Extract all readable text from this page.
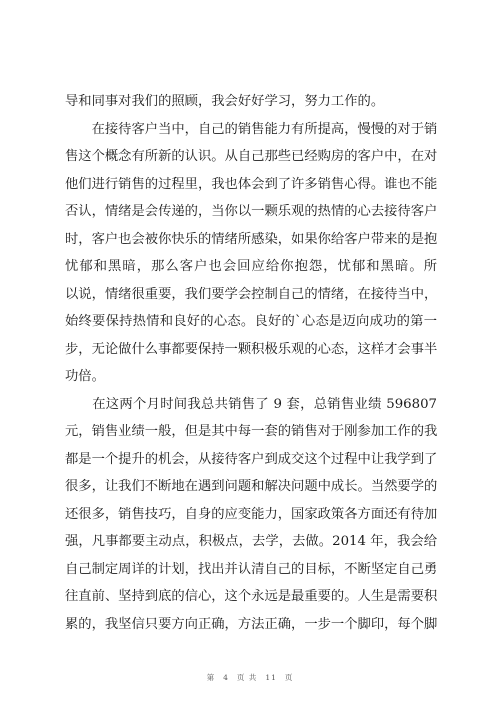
导和同事对我们的照顾，我会好好学习，努力工作的。
　　在接待客户当中，自己的销售能力有所提高，慢慢的对于销
售这个概念有所新的认识。从自己那些已经购房的客户中，在对
他们进行销售的过程里，我也体会到了许多销售心得。谁也不能
否认，情绪是会传递的，当你以一颗乐观的热情的心去接待客户
时，客户也会被你快乐的情绪所感染，如果你给客户带来的是抱
忧郁和黑暗，那么客户也会回应给你抱怨，忧郁和黑暗。所
以说，情绪很重要，我们要学会控制自己的情绪，在接待当中，
始终要保持热情和良好的心态。良好的`心态是迈向成功的第一
步，无论做什么事都要保持一颗积极乐观的心态，这样才会事半
功倍。
　　在这两个月时间我总共销售了 9 套，总销售业绩 596807
元，销售业绩一般，但是其中每一套的销售对于刚参加工作的我
都是一个提升的机会，从接待客户到成交这个过程中让我学到了
很多，让我们不断地在遇到问题和解决问题中成长。当然要学的
还很多，销售技巧，自身的应变能力，国家政策各方面还有待加
强，凡事都要主动点，积极点，去学，去做。2014 年，我会给
自己制定周详的计划，找出并认清自己的目标，不断坚定自己勇
往直前、坚持到底的信心，这个永远是最重要的。人生是需要积
累的，我坚信只要方向正确，方法正确，一步一个脚印，每个脚
第 4 页 共 11 页
